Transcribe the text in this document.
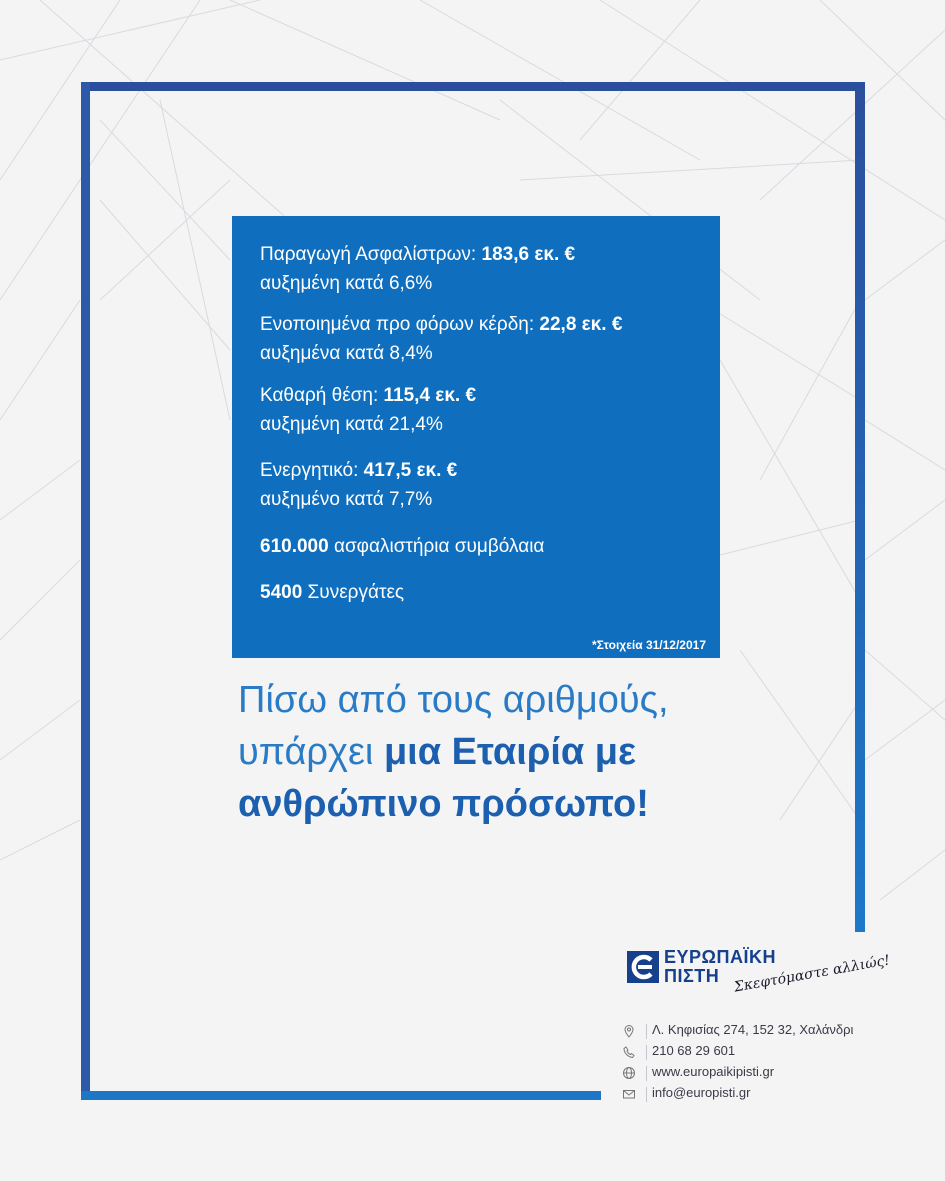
Παραγωγή Ασφαλίστρων: 183,6 εκ. €
αυξημένη κατά 6,6%
Ενοποιημένα προ φόρων κέρδη: 22,8 εκ. €
αυξημένα κατά 8,4%
Καθαρή θέση: 115,4 εκ. €
αυξημένη κατά 21,4%
Ενεργητικό: 417,5 εκ. €
αυξημένο κατά 7,7%
610.000 ασφαλιστήρια συμβόλαια
5400 Συνεργάτες
*Στοιχεία 31/12/2017
Πίσω από τους αριθμούς,
υπάρχει μια Εταιρία με
ανθρώπινο πρόσωπο!
ΕΥΡΩΠΑΪΚΗ
ΠΙΣΤΗ Σκεφτόμαστε αλλιώς!
Λ. Κηφισίας 274, 152 32, Χαλάνδρι
210 68 29 601
www.europaikipisti.gr
info@europisti.gr
